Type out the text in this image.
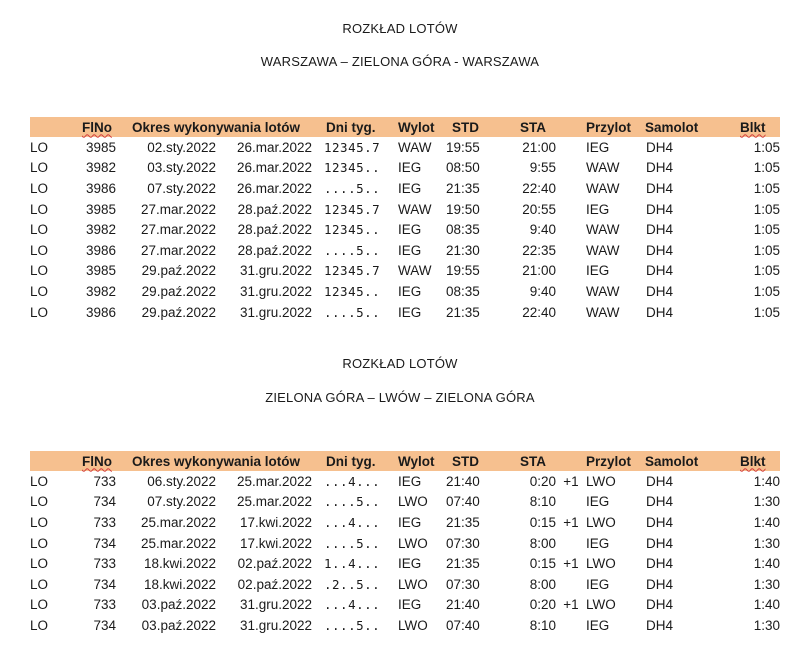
ROZKŁAD LOTÓW
WARSZAWA – ZIELONA GÓRA - WARSZAWA
	FlNo	Okres wykonywania lotów		Dni tyg.	Wylot	STD	STA		Przylot	Samolot	Blkt
LO	3985	02.sty.2022	26.mar.2022	12345.7	WAW	19:55	21:00		IEG	DH4	1:05
LO	3982	03.sty.2022	26.mar.2022	12345..	IEG	08:50	9:55		WAW	DH4	1:05
LO	3986	07.sty.2022	26.mar.2022	....5..	IEG	21:35	22:40		WAW	DH4	1:05
LO	3985	27.mar.2022	28.paź.2022	12345.7	WAW	19:50	20:55		IEG	DH4	1:05
LO	3982	27.mar.2022	28.paź.2022	12345..	IEG	08:35	9:40		WAW	DH4	1:05
LO	3986	27.mar.2022	28.paź.2022	....5..	IEG	21:30	22:35		WAW	DH4	1:05
LO	3985	29.paź.2022	31.gru.2022	12345.7	WAW	19:55	21:00		IEG	DH4	1:05
LO	3982	29.paź.2022	31.gru.2022	12345..	IEG	08:35	9:40		WAW	DH4	1:05
LO	3986	29.paź.2022	31.gru.2022	....5..	IEG	21:35	22:40		WAW	DH4	1:05
ROZKŁAD LOTÓW
ZIELONA GÓRA – LWÓW – ZIELONA GÓRA
	FlNo	Okres wykonywania lotów		Dni tyg.	Wylot	STD	STA		Przylot	Samolot	Blkt
LO	733	06.sty.2022	25.mar.2022	...4...	IEG	21:40	0:20	+1	LWO	DH4	1:40
LO	734	07.sty.2022	25.mar.2022	....5..	LWO	07:40	8:10		IEG	DH4	1:30
LO	733	25.mar.2022	17.kwi.2022	...4...	IEG	21:35	0:15	+1	LWO	DH4	1:40
LO	734	25.mar.2022	17.kwi.2022	....5..	LWO	07:30	8:00		IEG	DH4	1:30
LO	733	18.kwi.2022	02.paź.2022	1..4...	IEG	21:35	0:15	+1	LWO	DH4	1:40
LO	734	18.kwi.2022	02.paź.2022	.2..5..	LWO	07:30	8:00		IEG	DH4	1:30
LO	733	03.paź.2022	31.gru.2022	...4...	IEG	21:40	0:20	+1	LWO	DH4	1:40
LO	734	03.paź.2022	31.gru.2022	....5..	LWO	07:40	8:10		IEG	DH4	1:30
